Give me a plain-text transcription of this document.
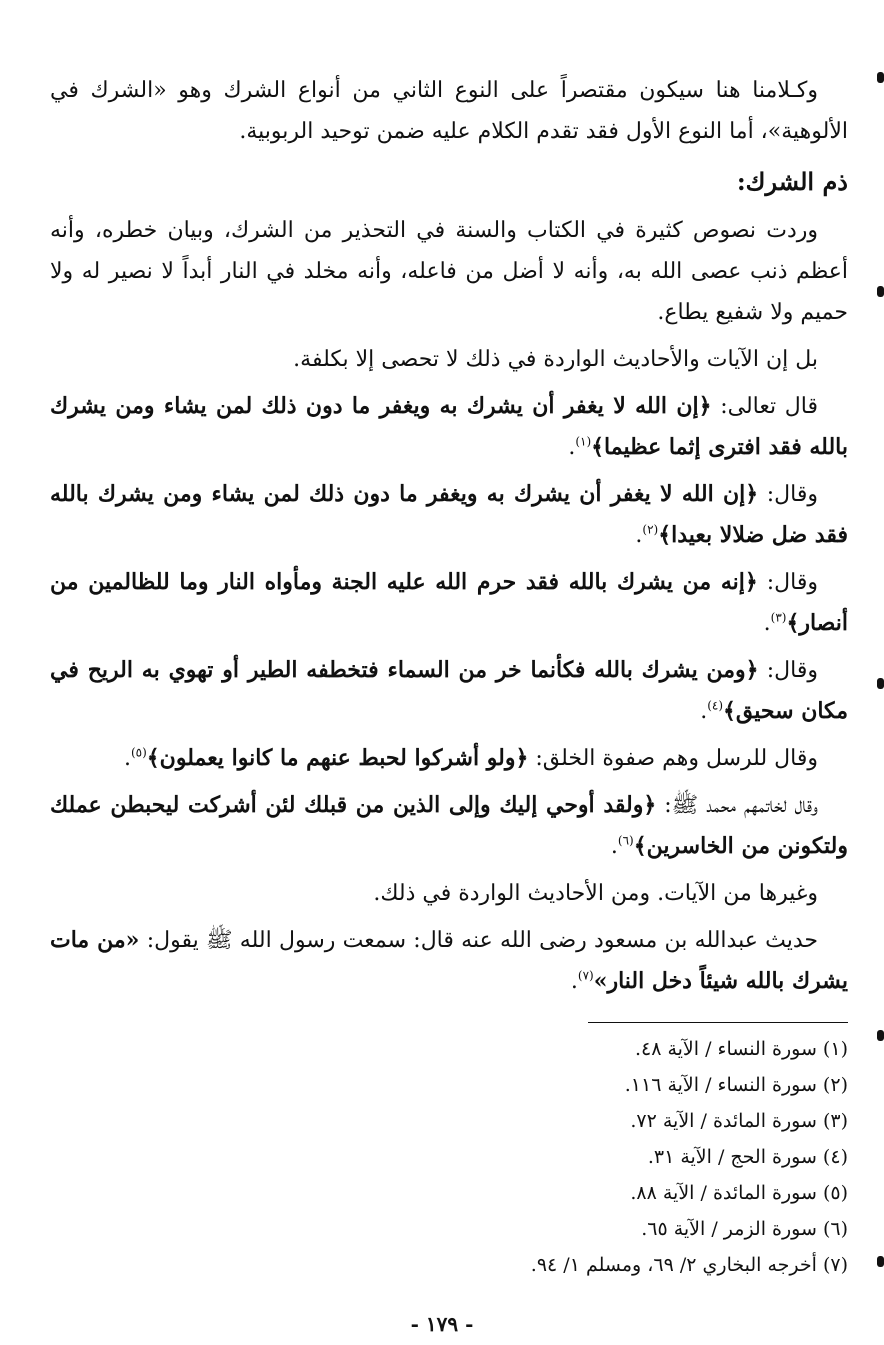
وكـلامنا هنا سيكون مقتصراً على النوع الثاني من أنواع الشرك وهو «الشرك في الألوهية»، أما النوع الأول فقد تقدم الكلام عليه ضمن توحيد الربوبية.

ذم الشرك:

وردت نصوص كثيرة في الكتاب والسنة في التحذير من الشرك، وبيان خطره، وأنه أعظم ذنب عصى الله به، وأنه لا أضل من فاعله، وأنه مخلد في النار أبداً لا نصير له ولا حميم ولا شفيع يطاع.

بل إن الآيات والأحاديث الواردة في ذلك لا تحصى إلا بكلفة.

قال تعالى: ﴿إن الله لا يغفر أن يشرك به ويغفر ما دون ذلك لمن يشاء ومن يشرك بالله فقد افترى إثما عظيما﴾$^{(١)}$.

وقال: ﴿إن الله لا يغفر أن يشرك به ويغفر ما دون ذلك لمن يشاء ومن يشرك بالله فقد ضل ضلالا بعيدا﴾$^{(٢)}$.

وقال: ﴿إنه من يشرك بالله فقد حرم الله عليه الجنة ومأواه النار وما للظالمين من أنصار﴾$^{(٣)}$.

وقال: ﴿ومن يشرك بالله فكأنما خر من السماء فتخطفه الطير أو تهوي به الريح في مكان سحيق﴾$^{(٤)}$.

وقال للرسل وهم صفوة الخلق: ﴿ولو أشركوا لحبط عنهم ما كانوا يعملون﴾$^{(٥)}$.

وقال لخاتمهم محمد ﷺ: ﴿ولقد أوحي إليك وإلى الذين من قبلك لئن أشركت ليحبطن عملك ولتكونن من الخاسرين﴾$^{(٦)}$.

وغيرها من الآيات. ومن الأحاديث الواردة في ذلك.

حديث عبدالله بن مسعود رضى الله عنه قال: سمعت رسول الله ﷺ يقول: «من مات يشرك بالله شيئاً دخل النار»$^{(٧)}$.

(١) سورة النساء / الآية ٤٨.
(٢) سورة النساء / الآية ١١٦.
(٣) سورة المائدة / الآية ٧٢.
(٤) سورة الحج / الآية ٣١.
(٥) سورة المائدة / الآية ٨٨.
(٦) سورة الزمر / الآية ٦٥.
(٧) أخرجه البخاري ٢/ ٦٩، ومسلم ١/ ٩٤.
- ١٧٩ -
